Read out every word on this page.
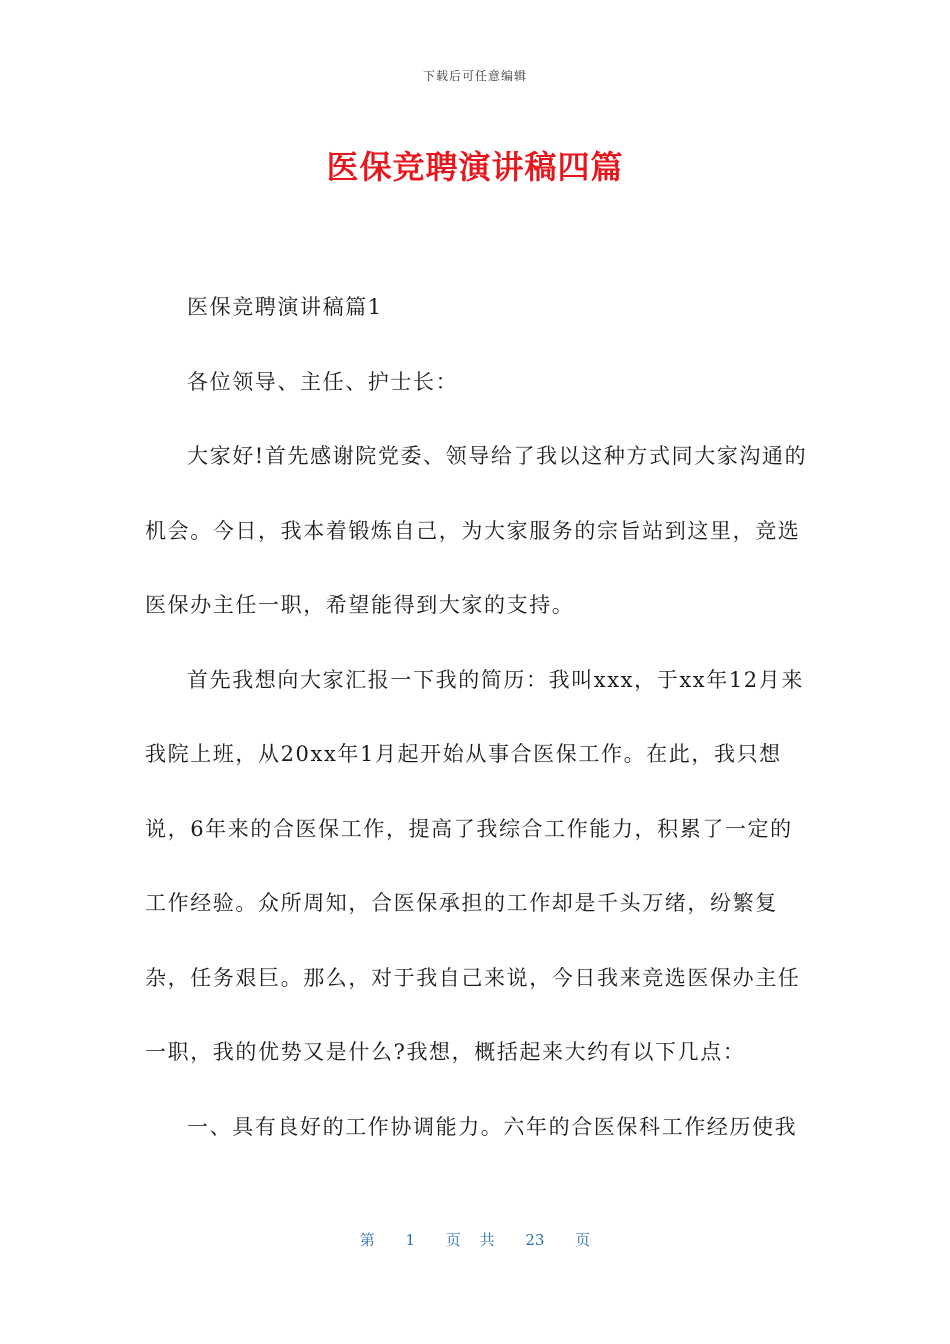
下载后可任意编辑
医保竞聘演讲稿四篇

医保竞聘演讲稿篇1

各位领导、主任、护士长：

大家好!首先感谢院党委、领导给了我以这种方式同大家沟通的机会。今日，我本着锻炼自己，为大家服务的宗旨站到这里，竞选医保办主任一职，希望能得到大家的支持。

首先我想向大家汇报一下我的简历：我叫xxx，于xx年12月来我院上班，从20xx年1月起开始从事合医保工作。在此，我只想说，6年来的合医保工作，提高了我综合工作能力，积累了一定的工作经验。众所周知，合医保承担的工作却是千头万绪，纷繁复杂，任务艰巨。那么，对于我自己来说，今日我来竞选医保办主任一职，我的优势又是什么?我想，概括起来大约有以下几点：

一、具有良好的工作协调能力。六年的合医保科工作经历使我

第 1 页 共 23 页
